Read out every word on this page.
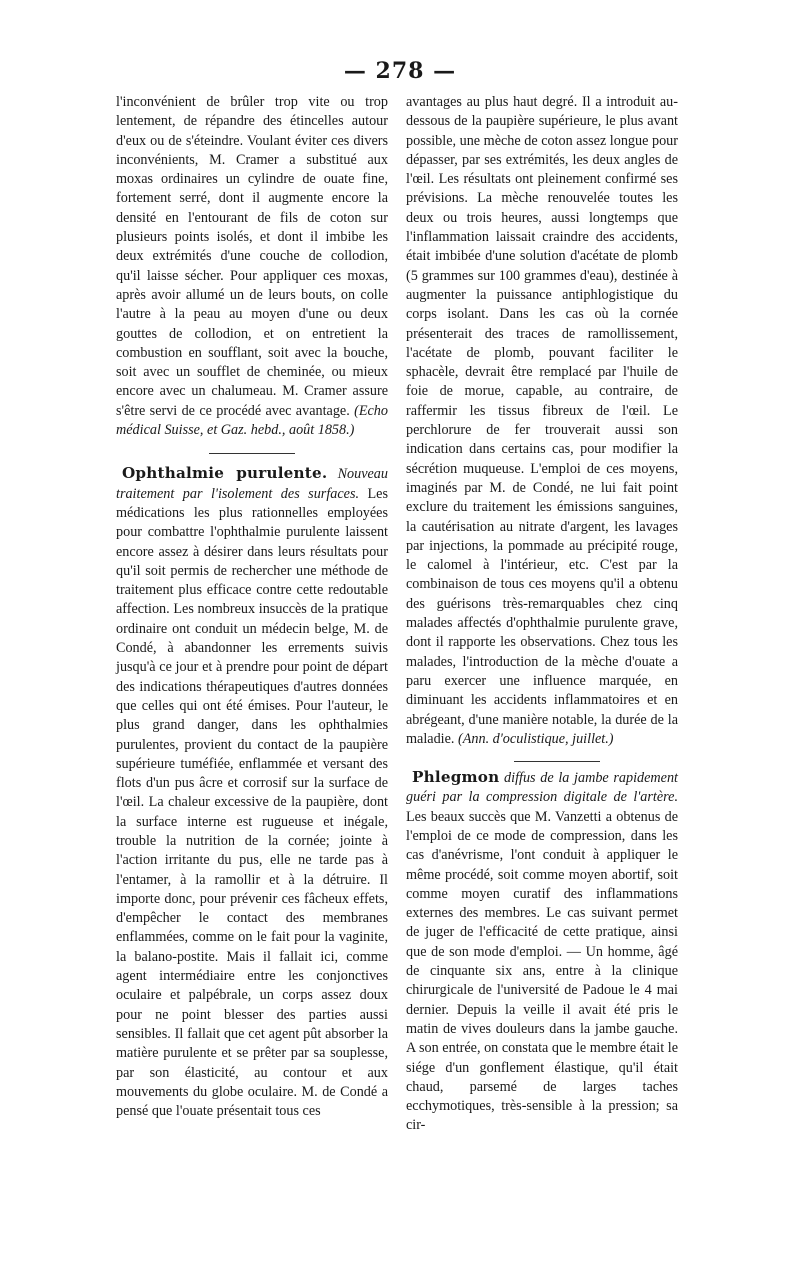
— 278 —

l'inconvénient de brûler trop vite ou trop lentement, de répandre des étincelles autour d'eux ou de s'éteindre. Voulant éviter ces divers inconvénients, M. Cramer a substitué aux moxas ordinaires un cylindre de ouate fine, fortement serré, dont il augmente encore la densité en l'entourant de fils de coton sur plusieurs points isolés, et dont il imbibe les deux extrémités d'une couche de collodion, qu'il laisse sécher. Pour appliquer ces moxas, après avoir allumé un de leurs bouts, on colle l'autre à la peau au moyen d'une ou deux gouttes de collodion, et on entretient la combustion en soufflant, soit avec la bouche, soit avec un soufflet de cheminée, ou mieux encore avec un chalumeau. M. Cramer assure s'être servi de ce procédé avec avantage. (Echo médical Suisse, et Gaz. hebd., août 1858.)

Ophthalmie purulente. Nouveau traitement par l'isolement des surfaces. Les médications les plus rationnelles employées pour combattre l'ophthalmie purulente laissent encore assez à désirer dans leurs résultats pour qu'il soit permis de rechercher une méthode de traitement plus efficace contre cette redoutable affection. Les nombreux insuccès de la pratique ordinaire ont conduit un médecin belge, M. de Condé, à abandonner les errements suivis jusqu'à ce jour et à prendre pour point de départ des indications thérapeutiques d'autres données que celles qui ont été émises. Pour l'auteur, le plus grand danger, dans les ophthalmies purulentes, provient du contact de la paupière supérieure tuméfiée, enflammée et versant des flots d'un pus âcre et corrosif sur la surface de l'œil. La chaleur excessive de la paupière, dont la surface interne est rugueuse et inégale, trouble la nutrition de la cornée; jointe à l'action irritante du pus, elle ne tarde pas à l'entamer, à la ramollir et à la détruire. Il importe donc, pour prévenir ces fâcheux effets, d'empêcher le contact des membranes enflammées, comme on le fait pour la vaginite, la balano-postite. Mais il fallait ici, comme agent intermédiaire entre les conjonctives oculaire et palpébrale, un corps assez doux pour ne point blesser des parties aussi sensibles. Il fallait que cet agent pût absorber la matière purulente et se prêter par sa souplesse, par son élasticité, au contour et aux mouvements du globe oculaire. M. de Condé a pensé que l'ouate présentait tous ces

avantages au plus haut degré. Il a introduit au-dessous de la paupière supérieure, le plus avant possible, une mèche de coton assez longue pour dépasser, par ses extrémités, les deux angles de l'œil. Les résultats ont pleinement confirmé ses prévisions. La mèche renouvelée toutes les deux ou trois heures, aussi longtemps que l'inflammation laissait craindre des accidents, était imbibée d'une solution d'acétate de plomb (5 grammes sur 100 grammes d'eau), destinée à augmenter la puissance antiphlogistique du corps isolant. Dans les cas où la cornée présenterait des traces de ramollissement, l'acétate de plomb, pouvant faciliter le sphacèle, devrait être remplacé par l'huile de foie de morue, capable, au contraire, de raffermir les tissus fibreux de l'œil. Le perchlorure de fer trouverait aussi son indication dans certains cas, pour modifier la sécrétion muqueuse. L'emploi de ces moyens, imaginés par M. de Condé, ne lui fait point exclure du traitement les émissions sanguines, la cautérisation au nitrate d'argent, les lavages par injections, la pommade au précipité rouge, le calomel à l'intérieur, etc. C'est par la combinaison de tous ces moyens qu'il a obtenu des guérisons très-remarquables chez cinq malades affectés d'ophthalmie purulente grave, dont il rapporte les observations. Chez tous les malades, l'introduction de la mèche d'ouate a paru exercer une influence marquée, en diminuant les accidents inflammatoires et en abrégeant, d'une manière notable, la durée de la maladie. (Ann. d'oculistique, juillet.)

Phlegmon diffus de la jambe rapidement guéri par la compression digitale de l'artère. Les beaux succès que M. Vanzetti a obtenus de l'emploi de ce mode de compression, dans les cas d'anévrisme, l'ont conduit à appliquer le même procédé, soit comme moyen abortif, soit comme moyen curatif des inflammations externes des membres. Le cas suivant permet de juger de l'efficacité de cette pratique, ainsi que de son mode d'emploi. — Un homme, âgé de cinquante six ans, entre à la clinique chirurgicale de l'université de Padoue le 4 mai dernier. Depuis la veille il avait été pris le matin de vives douleurs dans la jambe gauche. A son entrée, on constata que le membre était le siége d'un gonflement élastique, qu'il était chaud, parsemé de larges taches ecchymotiques, très-sensible à la pression; sa cir-
